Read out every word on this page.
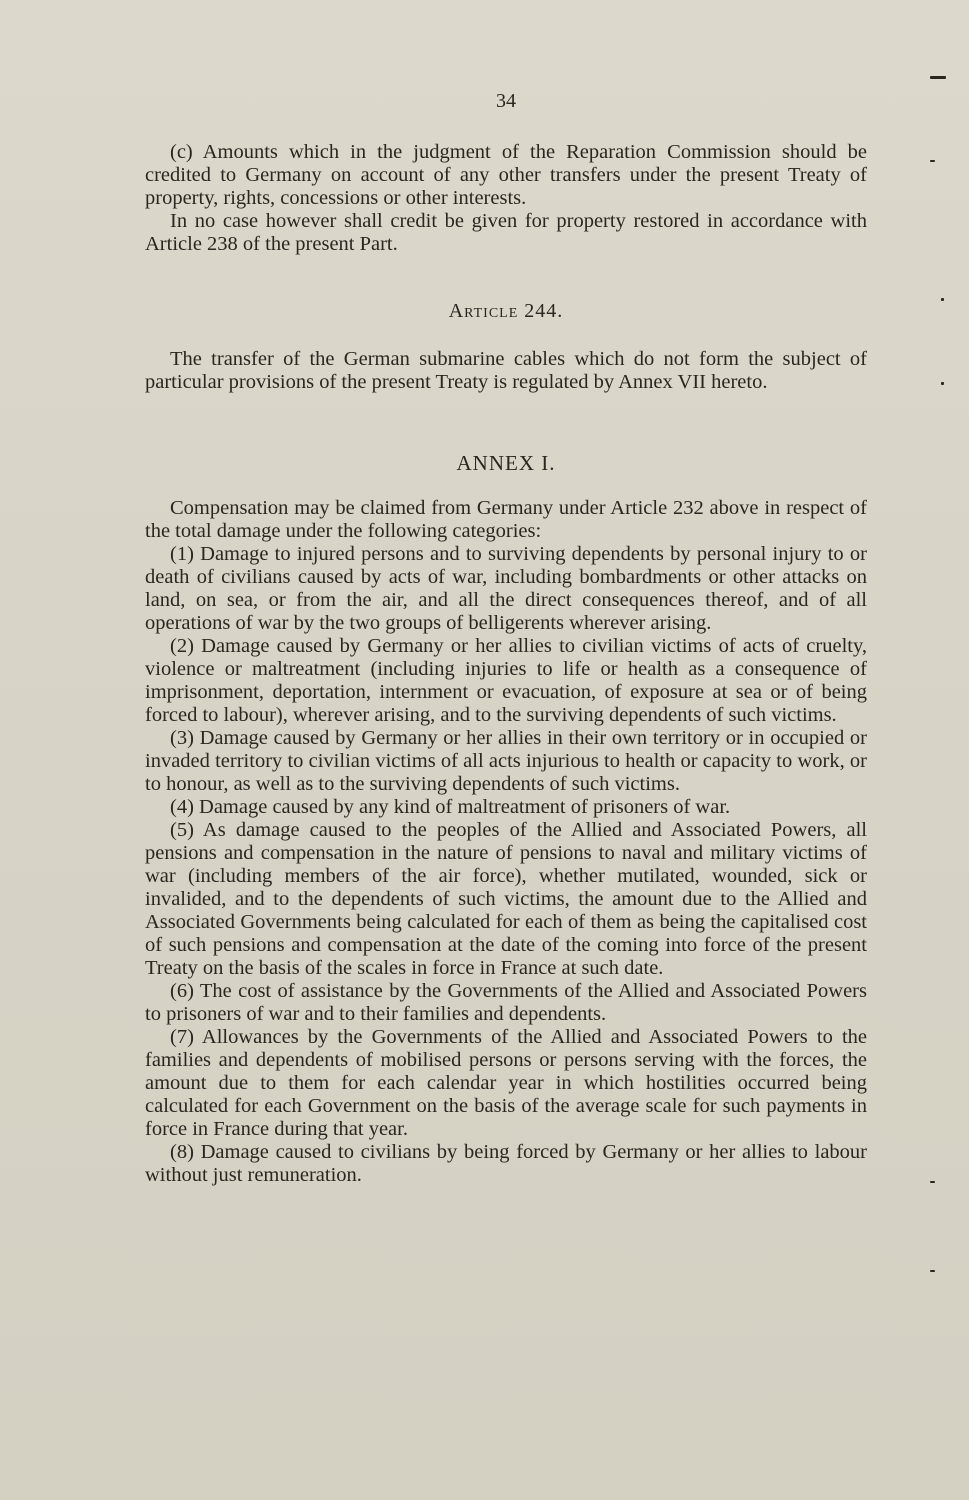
34

(c) Amounts which in the judgment of the Reparation Commission should be credited to Germany on account of any other transfers under the present Treaty of property, rights, concessions or other interests.

In no case however shall credit be given for property restored in accordance with Article 238 of the present Part.

Article 244.

The transfer of the German submarine cables which do not form the subject of particular provisions of the present Treaty is regulated by Annex VII hereto.

ANNEX I.

Compensation may be claimed from Germany under Article 232 above in respect of the total damage under the following categories:

(1) Damage to injured persons and to surviving dependents by personal injury to or death of civilians caused by acts of war, including bombardments or other attacks on land, on sea, or from the air, and all the direct consequences thereof, and of all operations of war by the two groups of belligerents wherever arising.

(2) Damage caused by Germany or her allies to civilian victims of acts of cruelty, violence or maltreatment (including injuries to life or health as a consequence of imprisonment, deportation, internment or evacuation, of exposure at sea or of being forced to labour), wherever arising, and to the surviving dependents of such victims.

(3) Damage caused by Germany or her allies in their own territory or in occupied or invaded territory to civilian victims of all acts injurious to health or capacity to work, or to honour, as well as to the surviving dependents of such victims.

(4) Damage caused by any kind of maltreatment of prisoners of war.

(5) As damage caused to the peoples of the Allied and Associated Powers, all pensions and compensation in the nature of pensions to naval and military victims of war (including members of the air force), whether mutilated, wounded, sick or invalided, and to the dependents of such victims, the amount due to the Allied and Associated Governments being calculated for each of them as being the capitalised cost of such pensions and compensation at the date of the coming into force of the present Treaty on the basis of the scales in force in France at such date.

(6) The cost of assistance by the Governments of the Allied and Associated Powers to prisoners of war and to their families and dependents.

(7) Allowances by the Governments of the Allied and Associated Powers to the families and dependents of mobilised persons or persons serving with the forces, the amount due to them for each calendar year in which hostilities occurred being calculated for each Government on the basis of the average scale for such payments in force in France during that year.

(8) Damage caused to civilians by being forced by Germany or her allies to labour without just remuneration.
